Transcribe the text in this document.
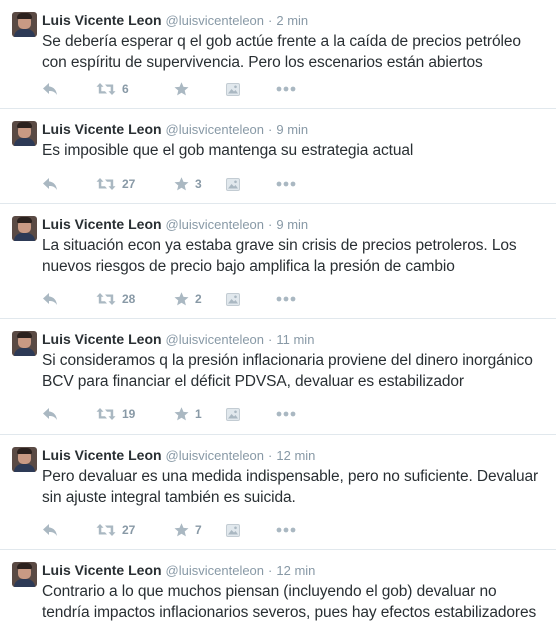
Luis Vicente Leon @luisvicenteleon · 2 min
Se debería esperar q el gob actúe frente a la caída de precios petróleo con espíritu de supervivencia. Pero los escenarios están abiertos
6
Luis Vicente Leon @luisvicenteleon · 9 min
Es imposible que el gob mantenga su estrategia actual
27	3
Luis Vicente Leon @luisvicenteleon · 9 min
La situación econ ya estaba grave sin crisis de precios petroleros. Los nuevos riesgos de precio bajo amplifica la presión de cambio
28	2
Luis Vicente Leon @luisvicenteleon · 11 min
Si consideramos q la presión inflacionaria proviene del dinero inorgánico BCV para financiar el déficit PDVSA, devaluar es estabilizador
19	1
Luis Vicente Leon @luisvicenteleon · 12 min
Pero devaluar es una medida indispensable, pero no suficiente. Devaluar sin ajuste integral también es suicida.
27	7
Luis Vicente Leon @luisvicenteleon · 12 min
Contrario a lo que muchos piensan (incluyendo el gob) devaluar no tendría impactos inflacionarios severos, pues hay efectos estabilizadores
